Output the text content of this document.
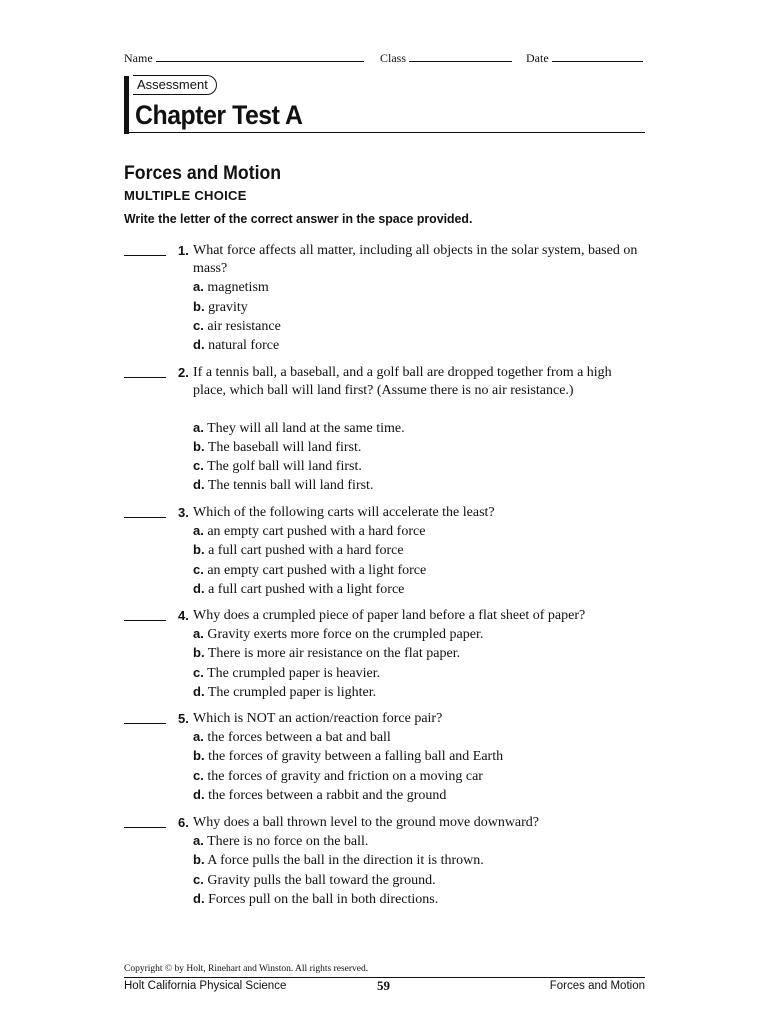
Name	Class	Date
Assessment
Chapter Test A
Forces and Motion
MULTIPLE CHOICE
Write the letter of the correct answer in the space provided.
1. What force affects all matter, including all objects in the solar system, based on mass?
a. magnetism
b. gravity
c. air resistance
d. natural force
2. If a tennis ball, a baseball, and a golf ball are dropped together from a high place, which ball will land first? (Assume there is no air resistance.)
a. They will all land at the same time.
b. The baseball will land first.
c. The golf ball will land first.
d. The tennis ball will land first.
3. Which of the following carts will accelerate the least?
a. an empty cart pushed with a hard force
b. a full cart pushed with a hard force
c. an empty cart pushed with a light force
d. a full cart pushed with a light force
4. Why does a crumpled piece of paper land before a flat sheet of paper?
a. Gravity exerts more force on the crumpled paper.
b. There is more air resistance on the flat paper.
c. The crumpled paper is heavier.
d. The crumpled paper is lighter.
5. Which is NOT an action/reaction force pair?
a. the forces between a bat and ball
b. the forces of gravity between a falling ball and Earth
c. the forces of gravity and friction on a moving car
d. the forces between a rabbit and the ground
6. Why does a ball thrown level to the ground move downward?
a. There is no force on the ball.
b. A force pulls the ball in the direction it is thrown.
c. Gravity pulls the ball toward the ground.
d. Forces pull on the ball in both directions.
Copyright © by Holt, Rinehart and Winston. All rights reserved.
Holt California Physical Science	59	Forces and Motion
